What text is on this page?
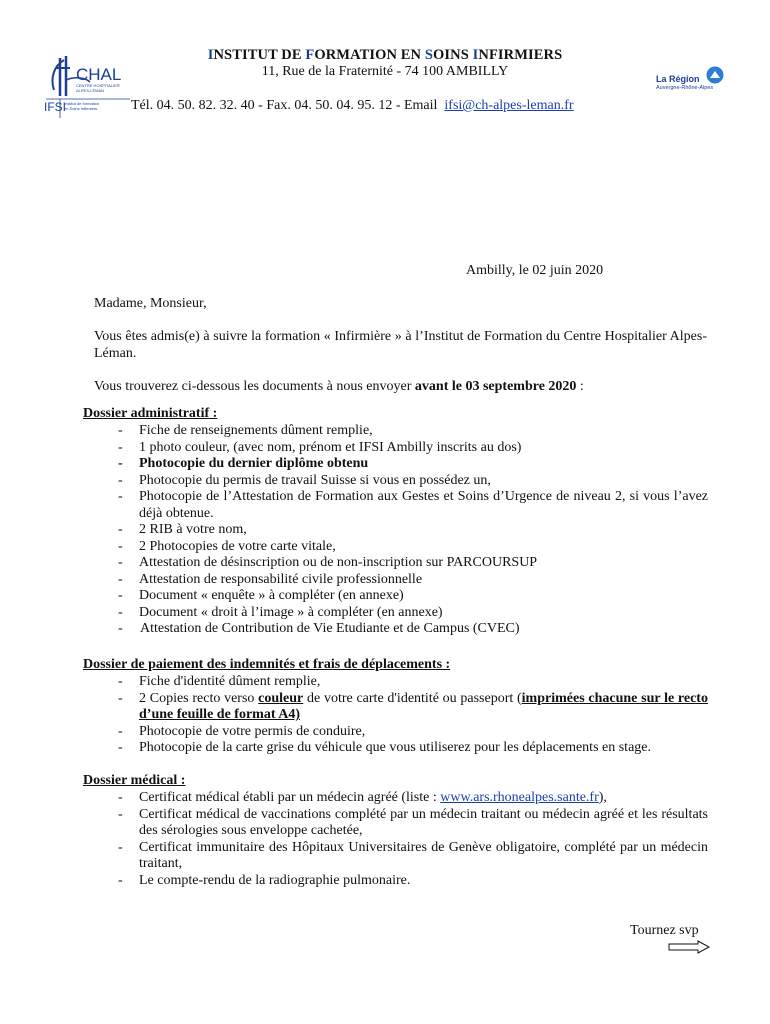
CHAL
CENTRE HOSPITALIER
ALPES-LÉMAN
IFSI
Institut de formation
en Soins Infirmiers
La Région
Auvergne-Rhône-Alpes
INSTITUT DE FORMATION EN SOINS INFIRMIERS
11, Rue de la Fraternité - 74 100 AMBILLY
Tél. 04. 50. 82. 32. 40 - Fax. 04. 50. 04. 95. 12 - Email ifsi@ch-alpes-leman.fr
Ambilly, le 02 juin 2020
Madame, Monsieur,
Vous êtes admis(e) à suivre la formation « Infirmière » à l’Institut de Formation du Centre Hospitalier Alpes-Léman.
Vous trouverez ci-dessous les documents à nous envoyer avant le 03 septembre 2020 :
Dossier administratif :
- Fiche de renseignements dûment remplie,
- 1 photo couleur, (avec nom, prénom et IFSI Ambilly inscrits au dos)
- Photocopie du dernier diplôme obtenu
- Photocopie du permis de travail Suisse si vous en possédez un,
- Photocopie de l’Attestation de Formation aux Gestes et Soins d’Urgence de niveau 2, si vous l’avez déjà obtenue.
- 2 RIB à votre nom,
- 2 Photocopies de votre carte vitale,
- Attestation de désinscription ou de non-inscription sur PARCOURSUP
- Attestation de responsabilité civile professionnelle
- Document « enquête » à compléter (en annexe)
- Document « droit à l’image » à compléter (en annexe)
- Attestation de Contribution de Vie Etudiante et de Campus (CVEC)
Dossier de paiement des indemnités et frais de déplacements :
- Fiche d'identité dûment remplie,
- 2 Copies recto verso couleur de votre carte d'identité ou passeport (imprimées chacune sur le recto d’une feuille de format A4)
- Photocopie de votre permis de conduire,
- Photocopie de la carte grise du véhicule que vous utiliserez pour les déplacements en stage.
Dossier médical :
- Certificat médical établi par un médecin agréé (liste : www.ars.rhonealpes.sante.fr),
- Certificat médical de vaccinations complété par un médecin traitant ou médecin agréé et les résultats des sérologies sous enveloppe cachetée,
- Certificat immunitaire des Hôpitaux Universitaires de Genève obligatoire, complété par un médecin traitant,
- Le compte-rendu de la radiographie pulmonaire.
Tournez svp
